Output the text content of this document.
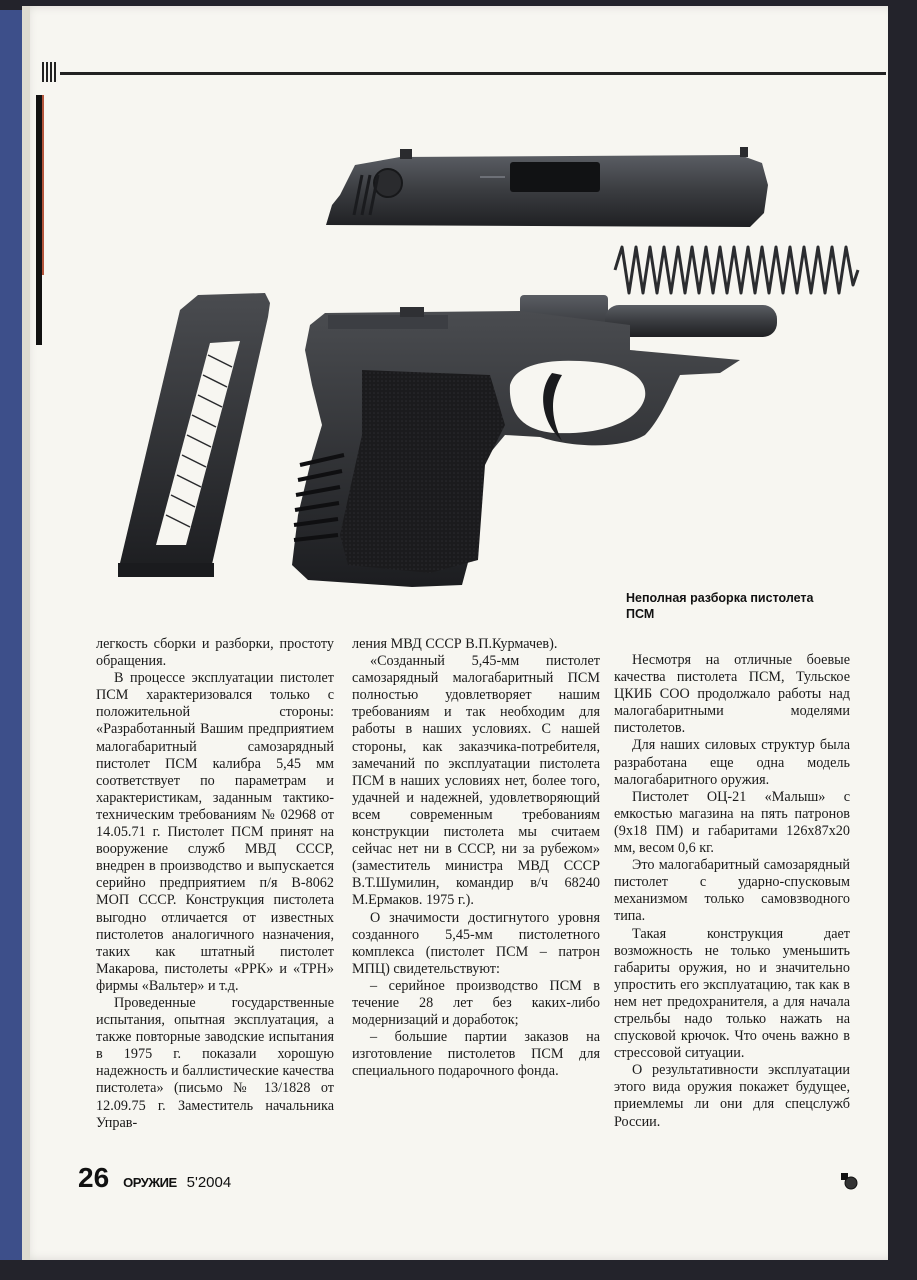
Неполная разборка пистолета
ПСМ

легкость сборки и разборки, простоту обращения.

В процессе эксплуатации пистолет ПСМ характеризовался только с положительной стороны: «Разработанный Вашим предприятием малогабаритный самозарядный пистолет ПСМ калибра 5,45 мм соответствует по параметрам и характеристикам, заданным тактико-техническим требованиям № 02968 от 14.05.71 г. Пистолет ПСМ принят на вооружение служб МВД СССР, внедрен в производство и выпускается серийно предприятием п/я В-8062 МОП СССР. Конструкция пистолета выгодно отличается от известных пистолетов аналогичного назначения, таких как штатный пистолет Макарова, пистолеты «РРК» и «ТРН» фирмы «Вальтер» и т.д.

Проведенные государственные испытания, опытная эксплуатация, а также повторные заводские испытания в 1975 г. показали хорошую надежность и баллистические качества пистолета» (письмо № 13/1828 от 12.09.75 г. Заместитель начальника Управ-

ления МВД СССР В.П.Курмачев).

«Созданный 5,45-мм пистолет самозарядный малогабаритный ПСМ полностью удовлетворяет нашим требованиям и так необходим для работы в наших условиях. С нашей стороны, как заказчика-потребителя, замечаний по эксплуатации пистолета ПСМ в наших условиях нет, более того, удачней и надежней, удовлетворяющий всем современным требованиям конструкции пистолета мы считаем сейчас нет ни в СССР, ни за рубежом» (заместитель министра МВД СССР В.Т.Шумилин, командир в/ч 68240 М.Ермаков. 1975 г.).

О значимости достигнутого уровня созданного 5,45-мм пистолетного комплекса (пистолет ПСМ – патрон МПЦ) свидетельствуют:

– серийное производство ПСМ в течение 28 лет без каких-либо модернизаций и доработок;

– большие партии заказов на изготовление пистолетов ПСМ для специального подарочного фонда.

Несмотря на отличные боевые качества пистолета ПСМ, Тульское ЦКИБ СОО продолжало работы над малогабаритными моделями пистолетов.

Для наших силовых структур была разработана еще одна модель малогабаритного оружия.

Пистолет ОЦ-21 «Малыш» с емкостью магазина на пять патронов (9x18 ПМ) и габаритами 126x87x20 мм, весом 0,6 кг.

Это малогабаритный самозарядный пистолет с ударно-спусковым механизмом только самовзводного типа.

Такая конструкция дает возможность не только уменьшить габариты оружия, но и значительно упростить его эксплуатацию, так как в нем нет предохранителя, а для начала стрельбы надо только нажать на спусковой крючок. Что очень важно в стрессовой ситуации.

О результативности эксплуатации этого вида оружия покажет будущее, приемлемы ли они для спецслужб России.

26 ОРУЖИЕ 5'2004
